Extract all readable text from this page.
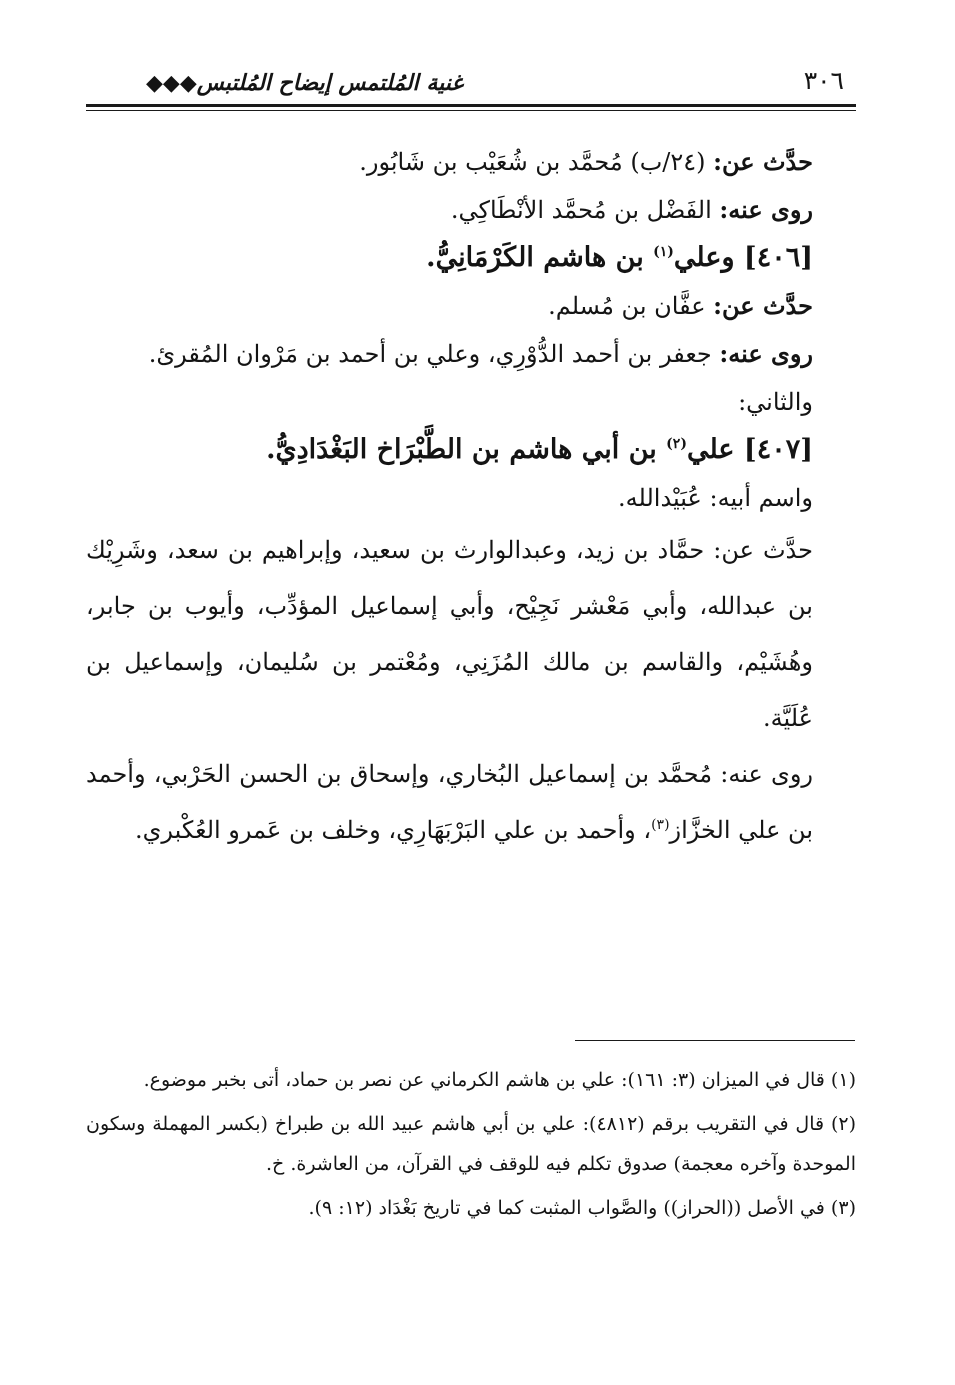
٣٠٦
غنية المُلتمس إيضاح المُلتبس◆◆◆

حدَّث عن: (٢٤/ب) مُحمَّد بن شُعَيْب بن شَابُور.

روى عنه: الفَضْل بن مُحمَّد الأنْطَاكِي.

[٤٠٦] وعلي$^{(١)}$ بن هاشم الكَرْمَانِيُّ.

حدَّث عن: عفَّان بن مُسلم.

روى عنه: جعفر بن أحمد الدُّوْرِي، وعلي بن أحمد بن مَرْوان المُقرئ.

والثاني:

[٤٠٧] علي$^{(٢)}$ بن أبي هاشم بن الطَّبْرَاخ البَغْدَادِيُّ.

واسم أبيه: عُبَيْدالله.

حدَّث عن: حمَّاد بن زيد، وعبدالوارث بن سعيد، وإبراهيم بن سعد، وشَرِيْك بن عبدالله، وأبي مَعْشر نَجِيْح، وأبي إسماعيل المؤدِّب، وأيوب بن جابر، وهُشَيْم، والقاسم بن مالك المُزَنِي، ومُعْتمر بن سُليمان، وإسماعيل بن عُلَيَّة.

روى عنه: مُحمَّد بن إسماعيل البُخاري، وإسحاق بن الحسن الحَرْبي، وأحمد بن علي الخزَّاز$^{(٣)}$، وأحمد بن علي البَرْبَهَارِي، وخلف بن عَمرو العُكْبري.

(١) قال في الميزان (٣: ١٦١): علي بن هاشم الكرماني عن نصر بن حماد، أتى بخبر موضوع.

(٢) قال في التقريب برقم (٤٨١٢): علي بن أبي هاشم عبيد الله بن طبراخ (بكسر المهملة وسكون الموحدة وآخره معجمة) صدوق تكلم فيه للوقف في القرآن، من العاشرة. خ.

(٣) في الأصل ((الحراز)) والصَّواب المثبت كما في تاريخ بَغْدَاد (١٢: ٩).
